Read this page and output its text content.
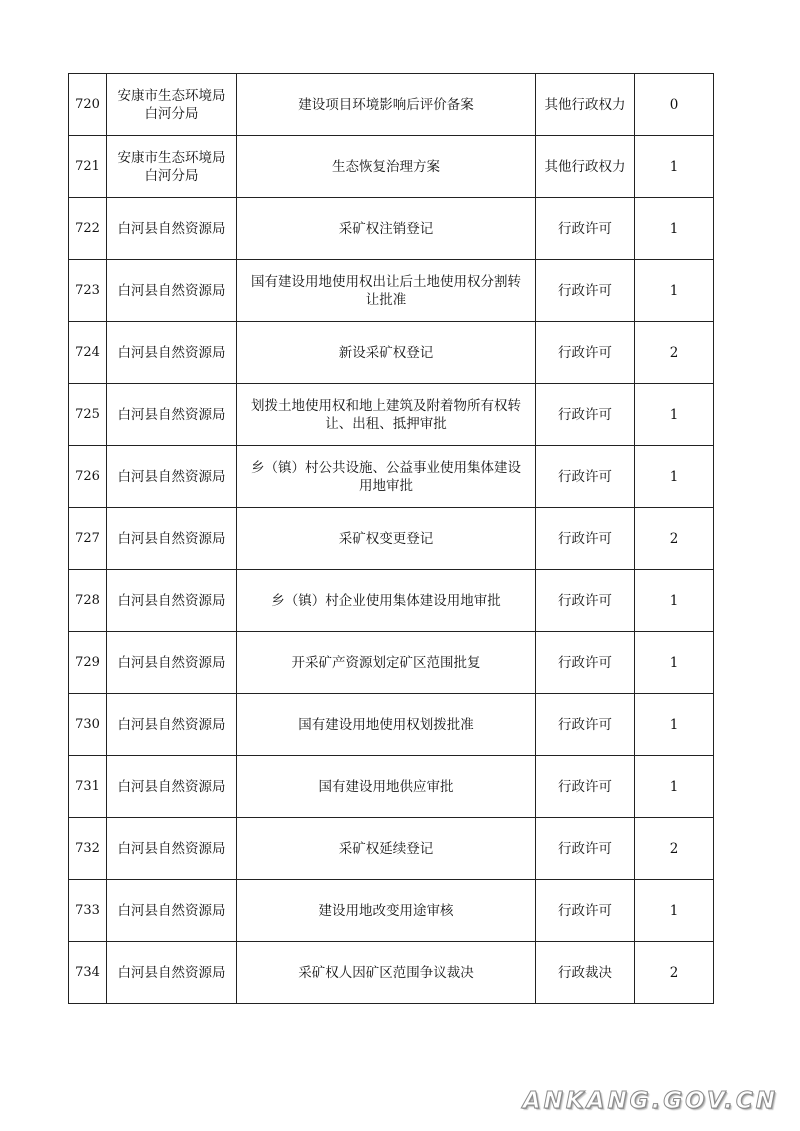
720	安康市生态环境局白河分局	建设项目环境影响后评价备案	其他行政权力	0
721	安康市生态环境局白河分局	生态恢复治理方案	其他行政权力	1
722	白河县自然资源局	采矿权注销登记	行政许可	1
723	白河县自然资源局	国有建设用地使用权出让后土地使用权分割转让批准	行政许可	1
724	白河县自然资源局	新设采矿权登记	行政许可	2
725	白河县自然资源局	划拨土地使用权和地上建筑及附着物所有权转让、出租、抵押审批	行政许可	1
726	白河县自然资源局	乡（镇）村公共设施、公益事业使用集体建设用地审批	行政许可	1
727	白河县自然资源局	采矿权变更登记	行政许可	2
728	白河县自然资源局	乡（镇）村企业使用集体建设用地审批	行政许可	1
729	白河县自然资源局	开采矿产资源划定矿区范围批复	行政许可	1
730	白河县自然资源局	国有建设用地使用权划拨批准	行政许可	1
731	白河县自然资源局	国有建设用地供应审批	行政许可	1
732	白河县自然资源局	采矿权延续登记	行政许可	2
733	白河县自然资源局	建设用地改变用途审核	行政许可	1
734	白河县自然资源局	采矿权人因矿区范围争议裁决	行政裁决	2
ANKANG.GOV.CN
